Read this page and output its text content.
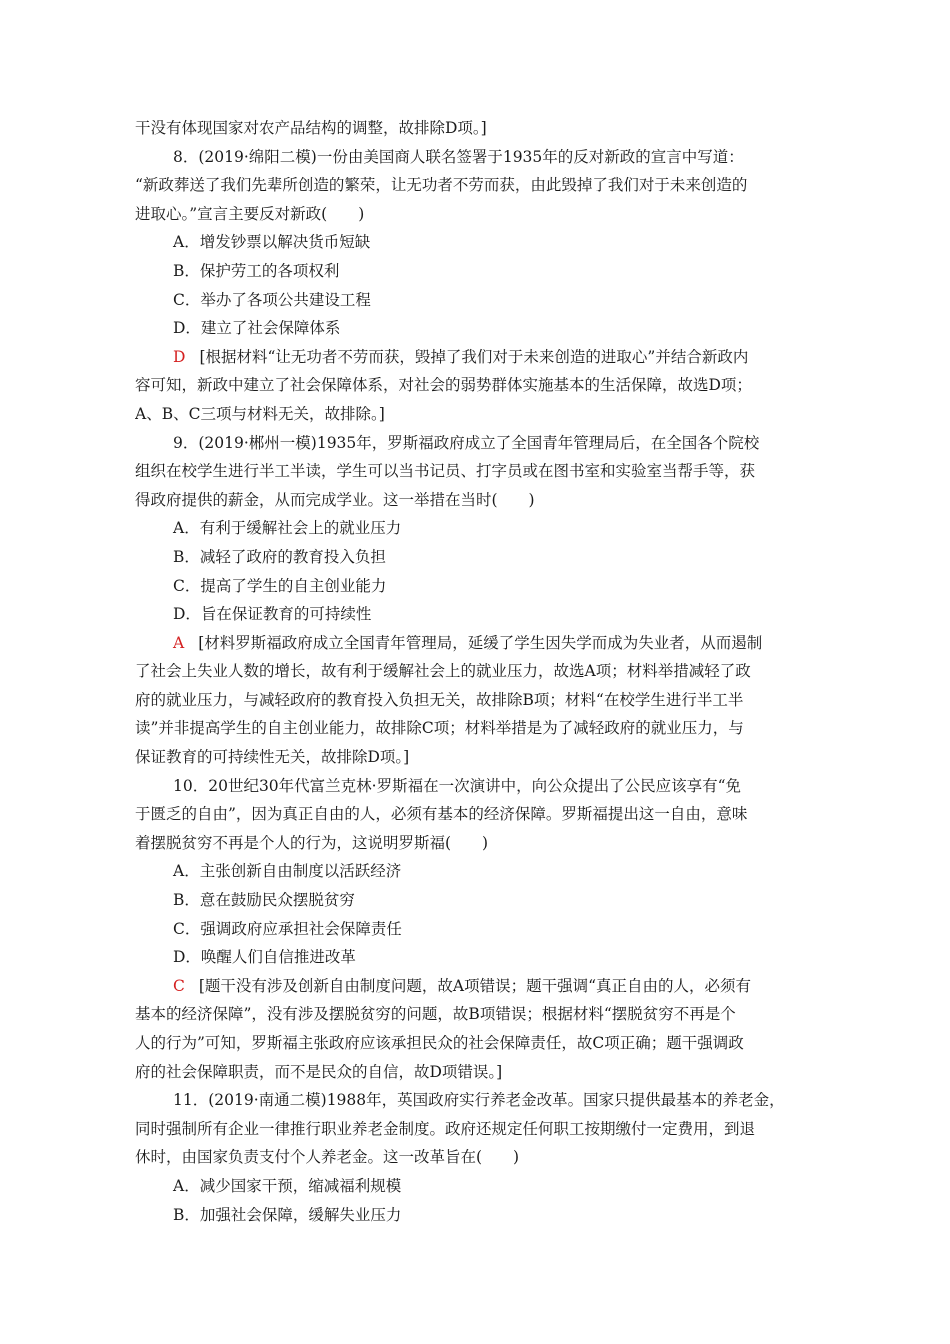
干没有体现国家对农产品结构的调整，故排除D项。]
8．(2019·绵阳二模)一份由美国商人联名签署于1935年的反对新政的宣言中写道：
“新政葬送了我们先辈所创造的繁荣，让无功者不劳而获，由此毁掉了我们对于未来创造的
进取心。”宣言主要反对新政(　　)
A．增发钞票以解决货币短缺
B．保护劳工的各项权利
C．举办了各项公共建设工程
D．建立了社会保障体系
D [根据材料“让无功者不劳而获，毁掉了我们对于未来创造的进取心”并结合新政内
容可知，新政中建立了社会保障体系，对社会的弱势群体实施基本的生活保障，故选D项；
A、B、C三项与材料无关，故排除。]
9．(2019·郴州一模)1935年，罗斯福政府成立了全国青年管理局后，在全国各个院校
组织在校学生进行半工半读，学生可以当书记员、打字员或在图书室和实验室当帮手等，获
得政府提供的薪金，从而完成学业。这一举措在当时(　　)
A．有利于缓解社会上的就业压力
B．减轻了政府的教育投入负担
C．提高了学生的自主创业能力
D．旨在保证教育的可持续性
A [材料罗斯福政府成立全国青年管理局，延缓了学生因失学而成为失业者，从而遏制
了社会上失业人数的增长，故有利于缓解社会上的就业压力，故选A项；材料举措减轻了政
府的就业压力，与减轻政府的教育投入负担无关，故排除B项；材料“在校学生进行半工半
读”并非提高学生的自主创业能力，故排除C项；材料举措是为了减轻政府的就业压力，与
保证教育的可持续性无关，故排除D项。]
10．20世纪30年代富兰克林·罗斯福在一次演讲中，向公众提出了公民应该享有“免
于匮乏的自由”，因为真正自由的人，必须有基本的经济保障。罗斯福提出这一自由，意味
着摆脱贫穷不再是个人的行为，这说明罗斯福(　　)
A．主张创新自由制度以活跃经济
B．意在鼓励民众摆脱贫穷
C．强调政府应承担社会保障责任
D．唤醒人们自信推进改革
C [题干没有涉及创新自由制度问题，故A项错误；题干强调“真正自由的人，必须有
基本的经济保障”，没有涉及摆脱贫穷的问题，故B项错误；根据材料“摆脱贫穷不再是个
人的行为”可知，罗斯福主张政府应该承担民众的社会保障责任，故C项正确；题干强调政
府的社会保障职责，而不是民众的自信，故D项错误。]
11．(2019·南通二模)1988年，英国政府实行养老金改革。国家只提供最基本的养老金，
同时强制所有企业一律推行职业养老金制度。政府还规定任何职工按期缴付一定费用，到退
休时，由国家负责支付个人养老金。这一改革旨在(　　)
A．减少国家干预，缩减福利规模
B．加强社会保障，缓解失业压力
